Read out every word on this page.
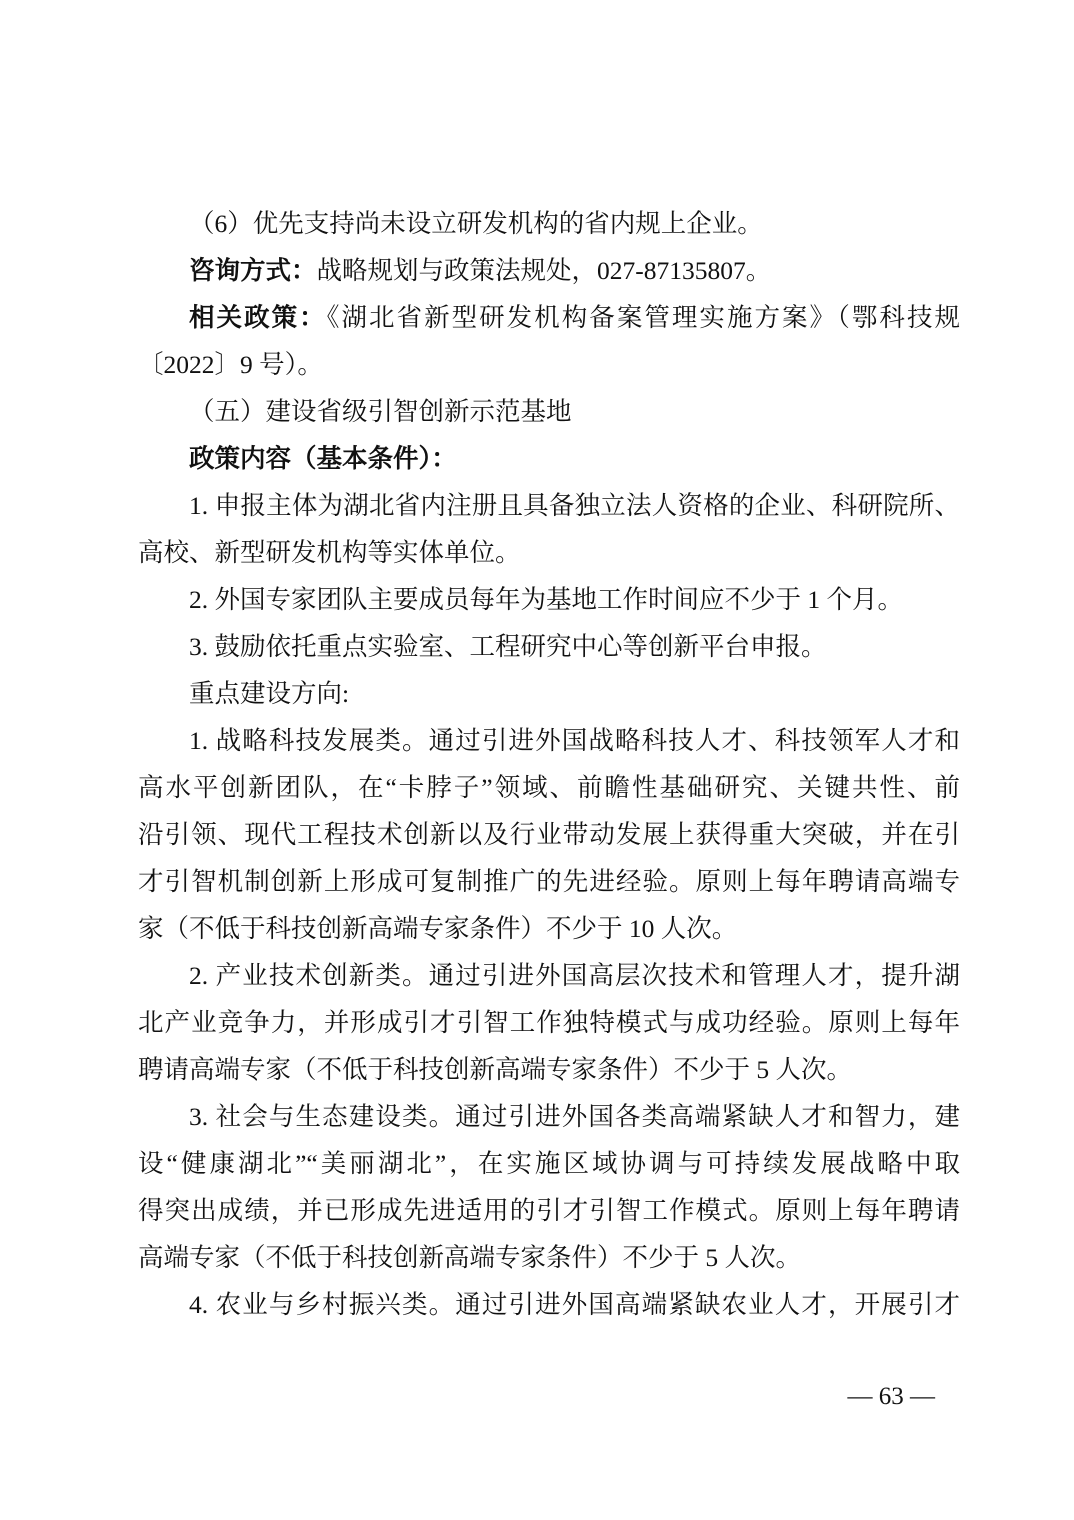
（6）优先支持尚未设立研发机构的省内规上企业。
咨询方式：战略规划与政策法规处，027-87135807。
相关政策：《湖北省新型研发机构备案管理实施方案》（鄂科技规
〔2022〕9 号）。
（五）建设省级引智创新示范基地
政策内容（基本条件）：
1. 申报主体为湖北省内注册且具备独立法人资格的企业、科研院所、
高校、新型研发机构等实体单位。
2. 外国专家团队主要成员每年为基地工作时间应不少于 1 个月。
3. 鼓励依托重点实验室、工程研究中心等创新平台申报。
重点建设方向:
1. 战略科技发展类。通过引进外国战略科技人才、科技领军人才和
高水平创新团队，在“卡脖子”领域、前瞻性基础研究、关键共性、前
沿引领、现代工程技术创新以及行业带动发展上获得重大突破，并在引
才引智机制创新上形成可复制推广的先进经验。原则上每年聘请高端专
家（不低于科技创新高端专家条件）不少于 10 人次。
2. 产业技术创新类。通过引进外国高层次技术和管理人才，提升湖
北产业竞争力，并形成引才引智工作独特模式与成功经验。原则上每年
聘请高端专家（不低于科技创新高端专家条件）不少于 5 人次。
3. 社会与生态建设类。通过引进外国各类高端紧缺人才和智力，建
设“健康湖北”“美丽湖北”，在实施区域协调与可持续发展战略中取
得突出成绩，并已形成先进适用的引才引智工作模式。原则上每年聘请
高端专家（不低于科技创新高端专家条件）不少于 5 人次。
4. 农业与乡村振兴类。通过引进外国高端紧缺农业人才，开展引才
— 63 —
